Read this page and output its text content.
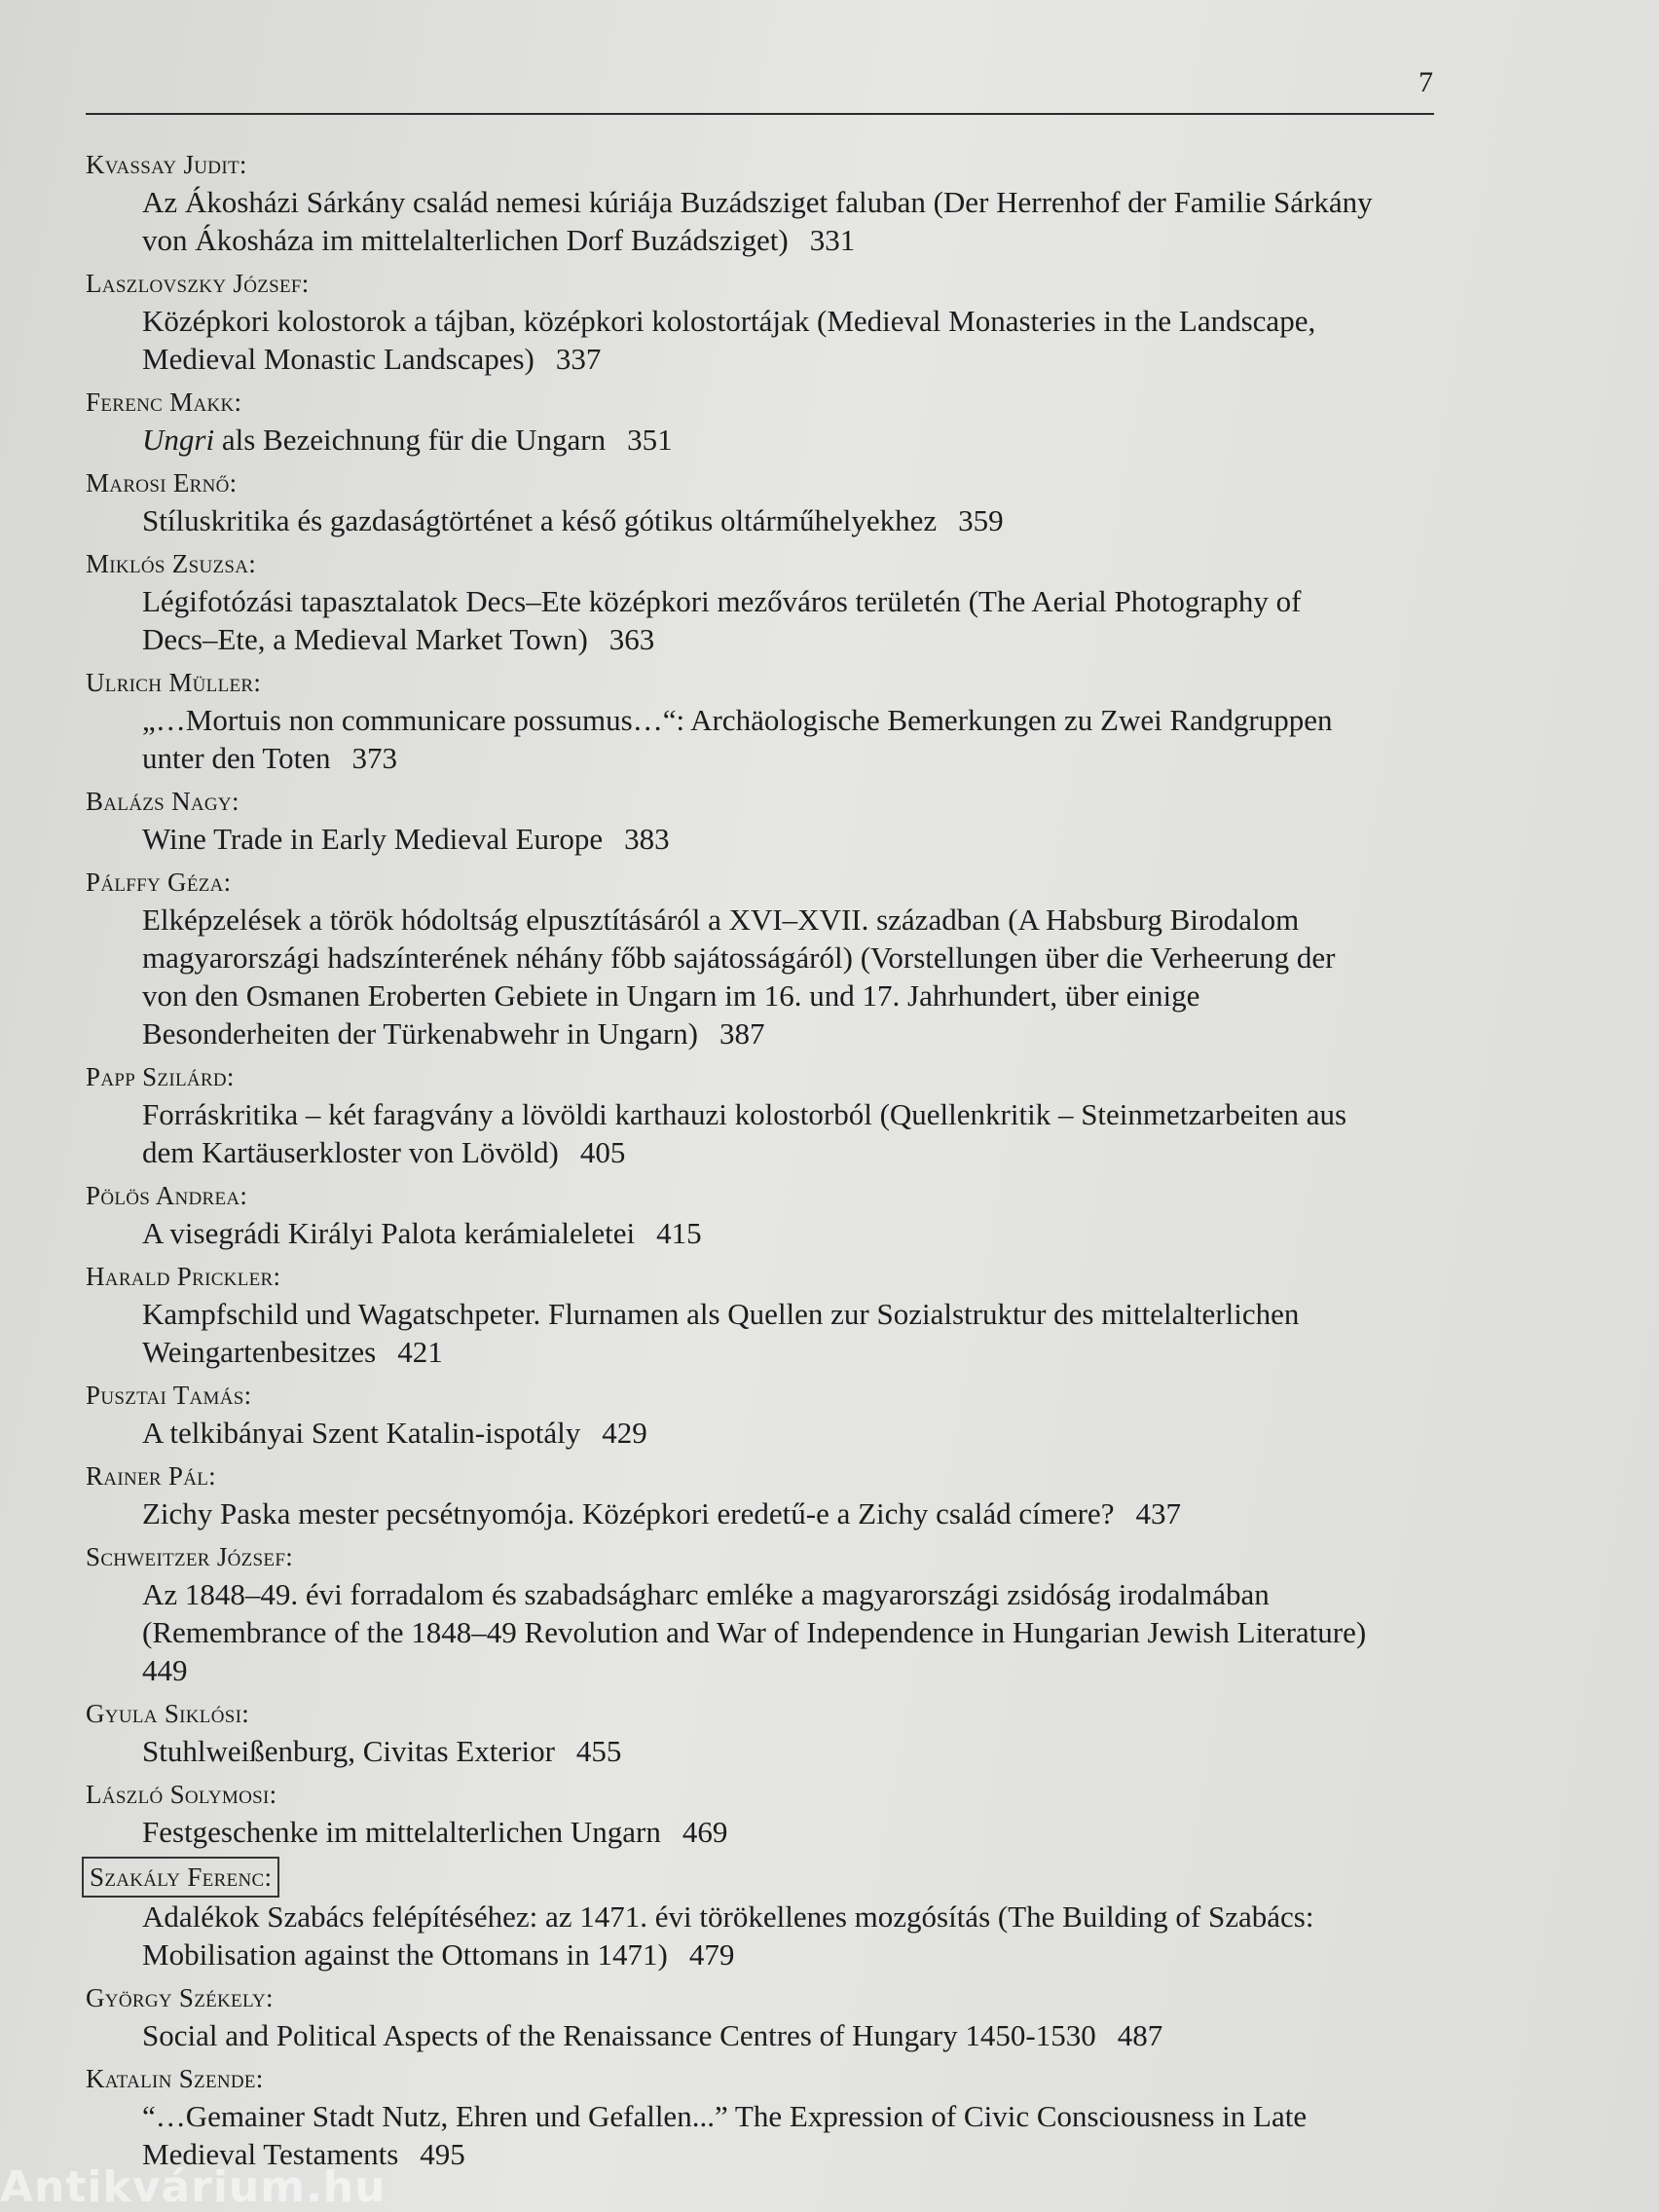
7
Kvassay Judit:
Az Ákosházi Sárkány család nemesi kúriája Buzádsziget faluban (Der Herrenhof der Familie Sárkány
von Ákosháza im mittelalterlichen Dorf Buzádsziget) 331
Laszlovszky József:
Középkori kolostorok a tájban, középkori kolostortájak (Medieval Monasteries in the Landscape,
Medieval Monastic Landscapes) 337
Ferenc Makk:
Ungri als Bezeichnung für die Ungarn 351
Marosi Ernő:
Stíluskritika és gazdaságtörténet a késő gótikus oltárműhelyekhez 359
Miklós Zsuzsa:
Légifotózási tapasztalatok Decs–Ete középkori mezőváros területén (The Aerial Photography of
Decs–Ete, a Medieval Market Town) 363
Ulrich Müller:
„…Mortuis non communicare possumus…“: Archäologische Bemerkungen zu Zwei Randgruppen
unter den Toten 373
Balázs Nagy:
Wine Trade in Early Medieval Europe 383
Pálffy Géza:
Elképzelések a török hódoltság elpusztításáról a XVI–XVII. században (A Habsburg Birodalom
magyarországi hadszínterének néhány főbb sajátosságáról) (Vorstellungen über die Verheerung der
von den Osmanen Eroberten Gebiete in Ungarn im 16. und 17. Jahrhundert, über einige
Besonderheiten der Türkenabwehr in Ungarn) 387
Papp Szilárd:
Forráskritika – két faragvány a lövöldi karthauzi kolostorból (Quellenkritik – Steinmetzarbeiten aus
dem Kartäuserkloster von Lövöld) 405
Pölös Andrea:
A visegrádi Királyi Palota kerámialeletei 415
Harald Prickler:
Kampfschild und Wagatschpeter. Flurnamen als Quellen zur Sozialstruktur des mittelalterlichen
Weingartenbesitzes 421
Pusztai Tamás:
A telkibányai Szent Katalin-ispotály 429
Rainer Pál:
Zichy Paska mester pecsétnyomója. Középkori eredetű-e a Zichy család címere? 437
Schweitzer József:
Az 1848–49. évi forradalom és szabadságharc emléke a magyarországi zsidóság irodalmában
(Remembrance of the 1848–49 Revolution and War of Independence in Hungarian Jewish Literature)
449
Gyula Siklósi:
Stuhlweißenburg, Civitas Exterior 455
László Solymosi:
Festgeschenke im mittelalterlichen Ungarn 469
Szakály Ferenc:
Adalékok Szabács felépítéséhez: az 1471. évi törökellenes mozgósítás (The Building of Szabács:
Mobilisation against the Ottomans in 1471) 479
György Székely:
Social and Political Aspects of the Renaissance Centres of Hungary 1450-1530 487
Katalin Szende:
“…Gemainer Stadt Nutz, Ehren und Gefallen...” The Expression of Civic Consciousness in Late
Medieval Testaments 495
Antikvárium.hu
